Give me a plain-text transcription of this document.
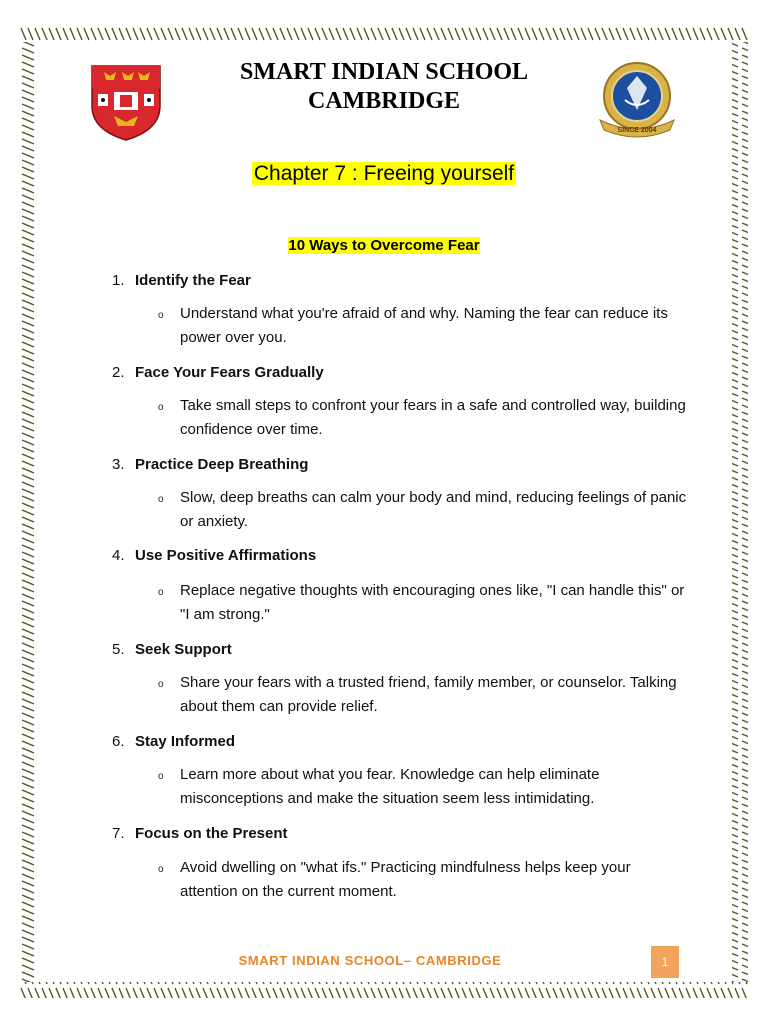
SMART INDIAN SCHOOL
CAMBRIDGE
SINCE 2004
Chapter 7 : Freeing yourself
10 Ways to Overcome Fear
1. Identify the Fear
o Understand what you're afraid of and why. Naming the fear can reduce its power over you.
2. Face Your Fears Gradually
o Take small steps to confront your fears in a safe and controlled way, building confidence over time.
3. Practice Deep Breathing
o Slow, deep breaths can calm your body and mind, reducing feelings of panic or anxiety.
4. Use Positive Affirmations
o Replace negative thoughts with encouraging ones like, "I can handle this" or "I am strong."
5. Seek Support
o Share your fears with a trusted friend, family member, or counselor. Talking about them can provide relief.
6. Stay Informed
o Learn more about what you fear. Knowledge can help eliminate misconceptions and make the situation seem less intimidating.
7. Focus on the Present
o Avoid dwelling on "what ifs." Practicing mindfulness helps keep your attention on the current moment.
SMART INDIAN SCHOOL– CAMBRIDGE	1
